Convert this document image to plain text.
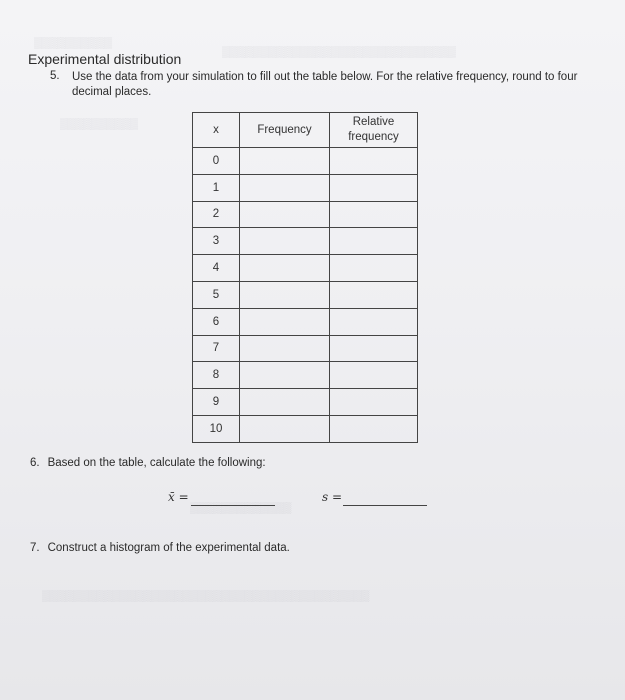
▒▒▒▒▒▒▒▒▒▒
▒▒▒▒▒▒▒▒▒▒▒▒▒▒▒▒▒▒▒▒▒▒▒▒▒▒▒▒▒▒
▒▒▒▒▒▒▒▒▒▒
▒▒▒▒▒▒▒▒▒▒▒▒▒
▒▒▒▒▒▒▒▒▒▒▒▒▒▒▒▒▒▒▒▒▒▒▒▒▒▒▒▒▒▒▒▒▒▒▒▒▒▒▒▒▒▒
Experimental distribution
5. Use the data from your simulation to fill out the table below. For the relative frequency, round to four decimal places.
x	Frequency	Relative frequency
0		
1		
2		
3		
4		
5		
6		
7		
8		
9		
10		
6. Based on the table, calculate the following:
x̄ =	s =
7. Construct a histogram of the experimental data.
